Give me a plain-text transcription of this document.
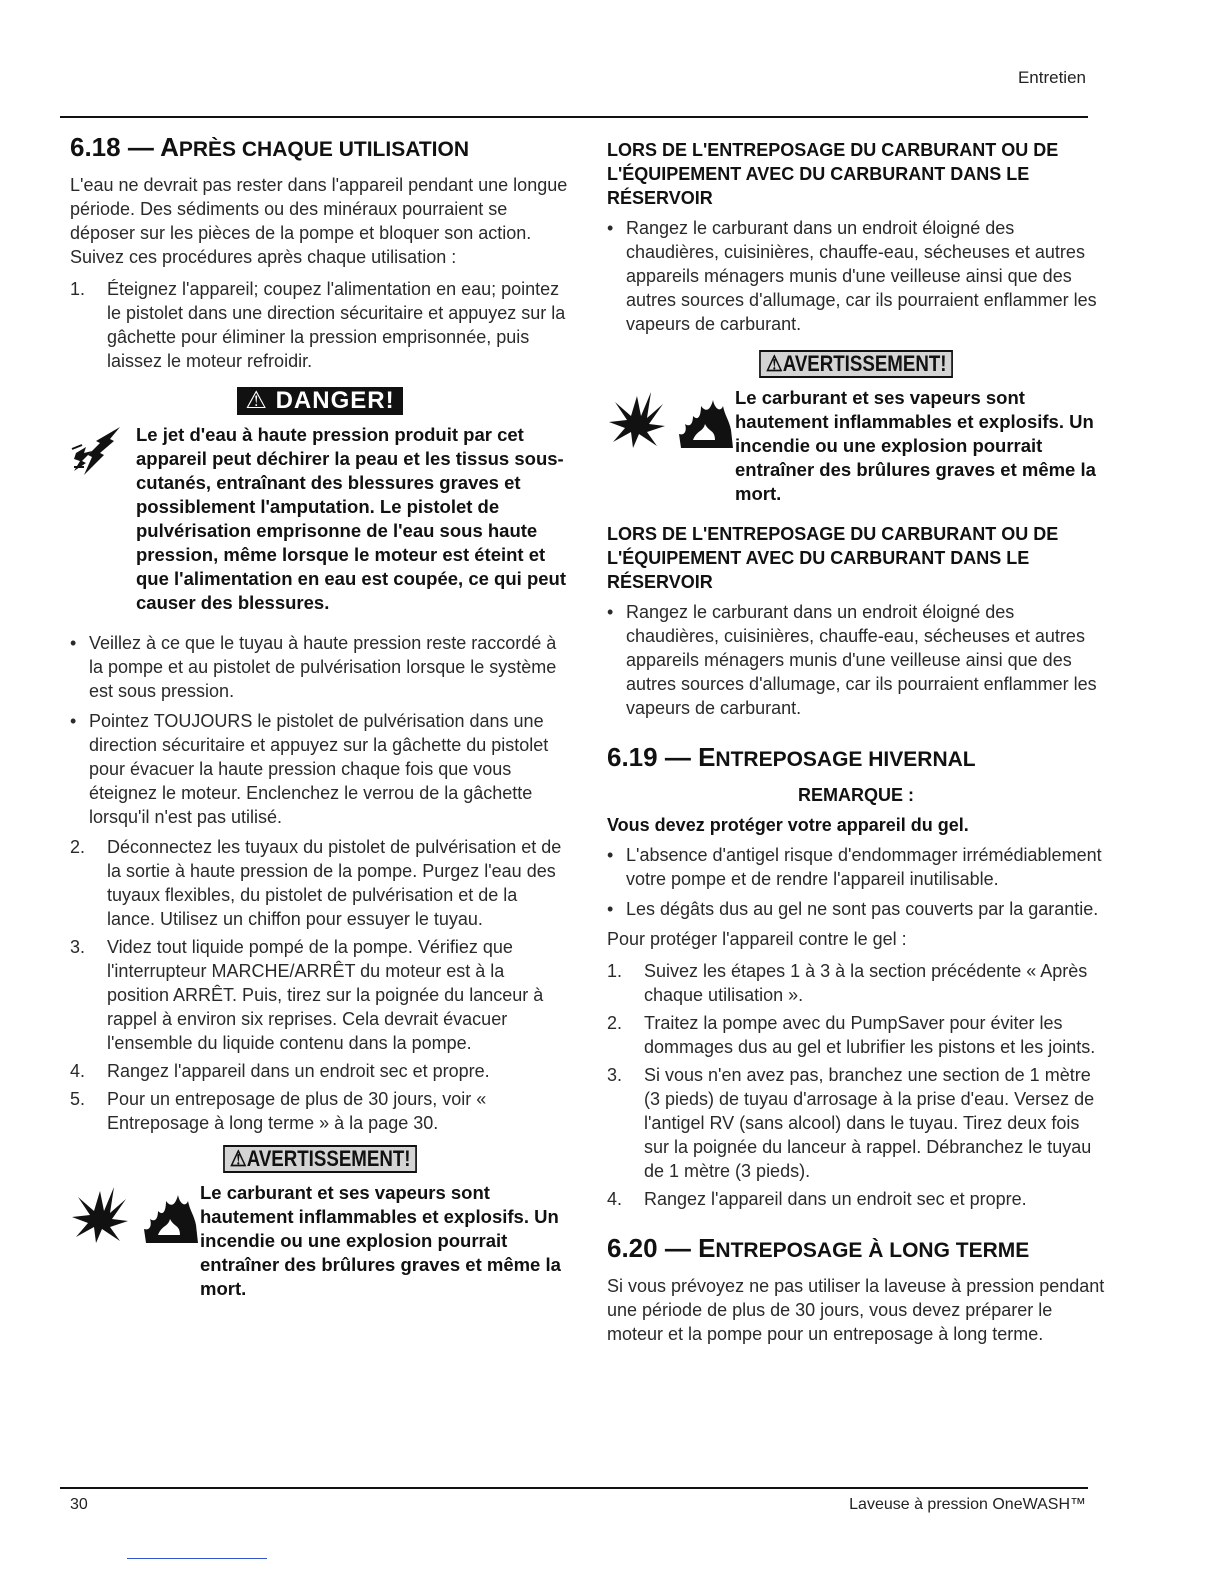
Entretien
6.18 — APRÈS CHAQUE UTILISATION

L'eau ne devrait pas rester dans l'appareil pendant une longue période. Des sédiments ou des minéraux pourraient se déposer sur les pièces de la pompe et bloquer son action. Suivez ces procédures après chaque utilisation :

1.	Éteignez l'appareil; coupez l'alimentation en eau; pointez le pistolet dans une direction sécuritaire et appuyez sur la gâchette pour éliminer la pression emprisonnée, puis laissez le moteur refroidir.
⚠ DANGER!
Le jet d'eau à haute pression produit par cet appareil peut déchirer la peau et les tissus sous-cutanés, entraînant des blessures graves et possiblement l'amputation. Le pistolet de pulvérisation emprisonne de l'eau sous haute pression, même lorsque le moteur est éteint et que l'alimentation en eau est coupée, ce qui peut causer des blessures.
• Veillez à ce que le tuyau à haute pression reste raccordé à la pompe et au pistolet de pulvérisation lorsque le système est sous pression.
• Pointez TOUJOURS le pistolet de pulvérisation dans une direction sécuritaire et appuyez sur la gâchette du pistolet pour évacuer la haute pression chaque fois que vous éteignez le moteur. Enclenchez le verrou de la gâchette lorsqu'il n'est pas utilisé.
2.	Déconnectez les tuyaux du pistolet de pulvérisation et de la sortie à haute pression de la pompe. Purgez l'eau des tuyaux flexibles, du pistolet de pulvérisation et de la lance. Utilisez un chiffon pour essuyer le tuyau.
3.	Videz tout liquide pompé de la pompe. Vérifiez que l'interrupteur MARCHE/ARRÊT du moteur est à la position ARRÊT. Puis, tirez sur la poignée du lanceur à rappel à environ six reprises. Cela devrait évacuer l'ensemble du liquide contenu dans la pompe.
4.	Rangez l'appareil dans un endroit sec et propre.
5.	Pour un entreposage de plus de 30 jours, voir « Entreposage à long terme » à la page 30.
⚠AVERTISSEMENT!
Le carburant et ses vapeurs sont hautement inflammables et explosifs. Un incendie ou une explosion pourrait entraîner des brûlures graves et même la mort.
LORS DE L'ENTREPOSAGE DU CARBURANT OU DE L'ÉQUIPEMENT AVEC DU CARBURANT DANS LE RÉSERVOIR
• Rangez le carburant dans un endroit éloigné des chaudières, cuisinières, chauffe-eau, sécheuses et autres appareils ménagers munis d'une veilleuse ainsi que des autres sources d'allumage, car ils pourraient enflammer les vapeurs de carburant.
⚠AVERTISSEMENT!
Le carburant et ses vapeurs sont hautement inflammables et explosifs. Un incendie ou une explosion pourrait entraîner des brûlures graves et même la mort.
LORS DE L'ENTREPOSAGE DU CARBURANT OU DE L'ÉQUIPEMENT AVEC DU CARBURANT DANS LE RÉSERVOIR
• Rangez le carburant dans un endroit éloigné des chaudières, cuisinières, chauffe-eau, sécheuses et autres appareils ménagers munis d'une veilleuse ainsi que des autres sources d'allumage, car ils pourraient enflammer les vapeurs de carburant.
6.19 — ENTREPOSAGE HIVERNAL
REMARQUE :
Vous devez protéger votre appareil du gel.
• L'absence d'antigel risque d'endommager irrémédiablement votre pompe et de rendre l'appareil inutilisable.
• Les dégâts dus au gel ne sont pas couverts par la garantie.

Pour protéger l'appareil contre le gel :

1.	Suivez les étapes 1 à 3 à la section précédente « Après chaque utilisation ».
2.	Traitez la pompe avec du PumpSaver pour éviter les dommages dus au gel et lubrifier les pistons et les joints.
3.	Si vous n'en avez pas, branchez une section de 1 mètre (3 pieds) de tuyau d'arrosage à la prise d'eau. Versez de l'antigel RV (sans alcool) dans le tuyau. Tirez deux fois sur la poignée du lanceur à rappel. Débranchez le tuyau de 1 mètre (3 pieds).
4.	Rangez l'appareil dans un endroit sec et propre.
6.20 — ENTREPOSAGE À LONG TERME

Si vous prévoyez ne pas utiliser la laveuse à pression pendant une période de plus de 30 jours, vous devez préparer le moteur et la pompe pour un entreposage à long terme.

30	Laveuse à pression OneWASH™
